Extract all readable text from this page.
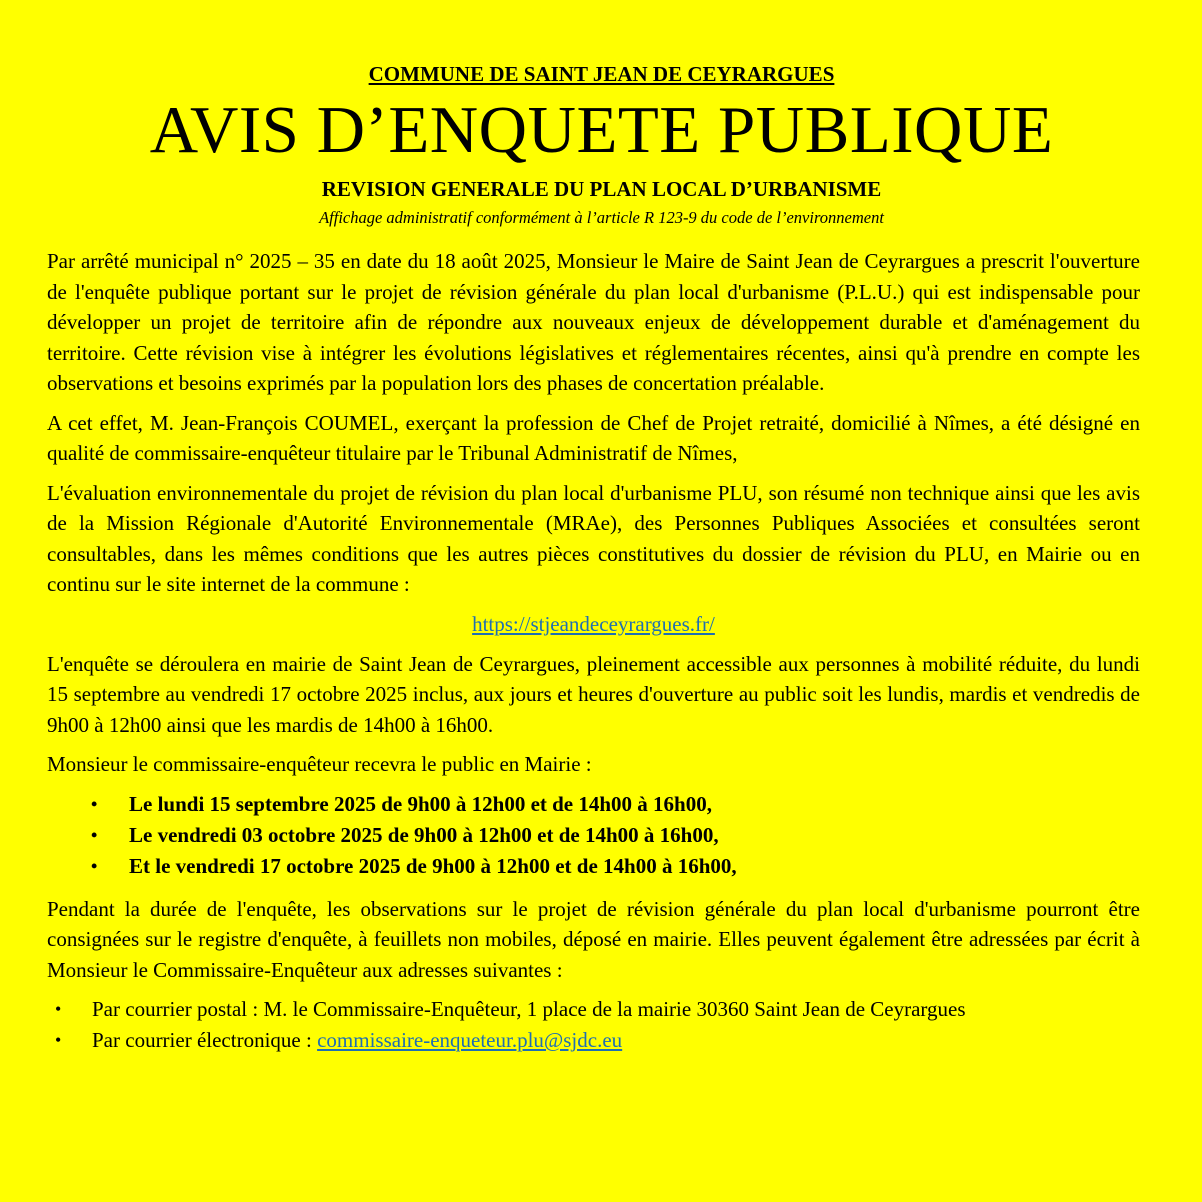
COMMUNE DE SAINT JEAN DE CEYRARGUES
AVIS D’ENQUETE PUBLIQUE
REVISION GENERALE DU PLAN LOCAL D’URBANISME
Affichage administratif conformément à l’article R 123-9 du code de l’environnement

Par arrêté municipal n° 2025 – 35 en date du 18 août 2025, Monsieur le Maire de Saint Jean de Ceyrargues a prescrit l'ouverture de l'enquête publique portant sur le projet de révision générale du plan local d'urbanisme (P.L.U.) qui est indispensable pour développer un projet de territoire afin de répondre aux nouveaux enjeux de développement durable et d'aménagement du territoire. Cette révision vise à intégrer les évolutions législatives et réglementaires récentes, ainsi qu'à prendre en compte les observations et besoins exprimés par la population lors des phases de concertation préalable.

A cet effet, M. Jean-François COUMEL, exerçant la profession de Chef de Projet retraité, domicilié à Nîmes, a été désigné en qualité de commissaire-enquêteur titulaire par le Tribunal Administratif de Nîmes,

L'évaluation environnementale du projet de révision du plan local d'urbanisme PLU, son résumé non technique ainsi que les avis de la Mission Régionale d'Autorité Environnementale (MRAe), des Personnes Publiques Associées et consultées seront consultables, dans les mêmes conditions que les autres pièces constitutives du dossier de révision du PLU, en Mairie ou en continu sur le site internet de la commune :

https://stjeandeceyrargues.fr/

L'enquête se déroulera en mairie de Saint Jean de Ceyrargues, pleinement accessible aux personnes à mobilité réduite, du lundi 15 septembre au vendredi 17 octobre 2025 inclus, aux jours et heures d'ouverture au public soit les lundis, mardis et vendredis de 9h00 à 12h00 ainsi que les mardis de 14h00 à 16h00.

Monsieur le commissaire-enquêteur recevra le public en Mairie :

• Le lundi 15 septembre 2025 de 9h00 à 12h00 et de 14h00 à 16h00,
• Le vendredi 03 octobre 2025 de 9h00 à 12h00 et de 14h00 à 16h00,
• Et le vendredi 17 octobre 2025 de 9h00 à 12h00 et de 14h00 à 16h00,

Pendant la durée de l'enquête, les observations sur le projet de révision générale du plan local d'urbanisme pourront être consignées sur le registre d'enquête, à feuillets non mobiles, déposé en mairie. Elles peuvent également être adressées par écrit à Monsieur le Commissaire-Enquêteur aux adresses suivantes :

• Par courrier postal : M. le Commissaire-Enquêteur, 1 place de la mairie 30360 Saint Jean de Ceyrargues
• Par courrier électronique : commissaire-enqueteur.plu@sjdc.eu
